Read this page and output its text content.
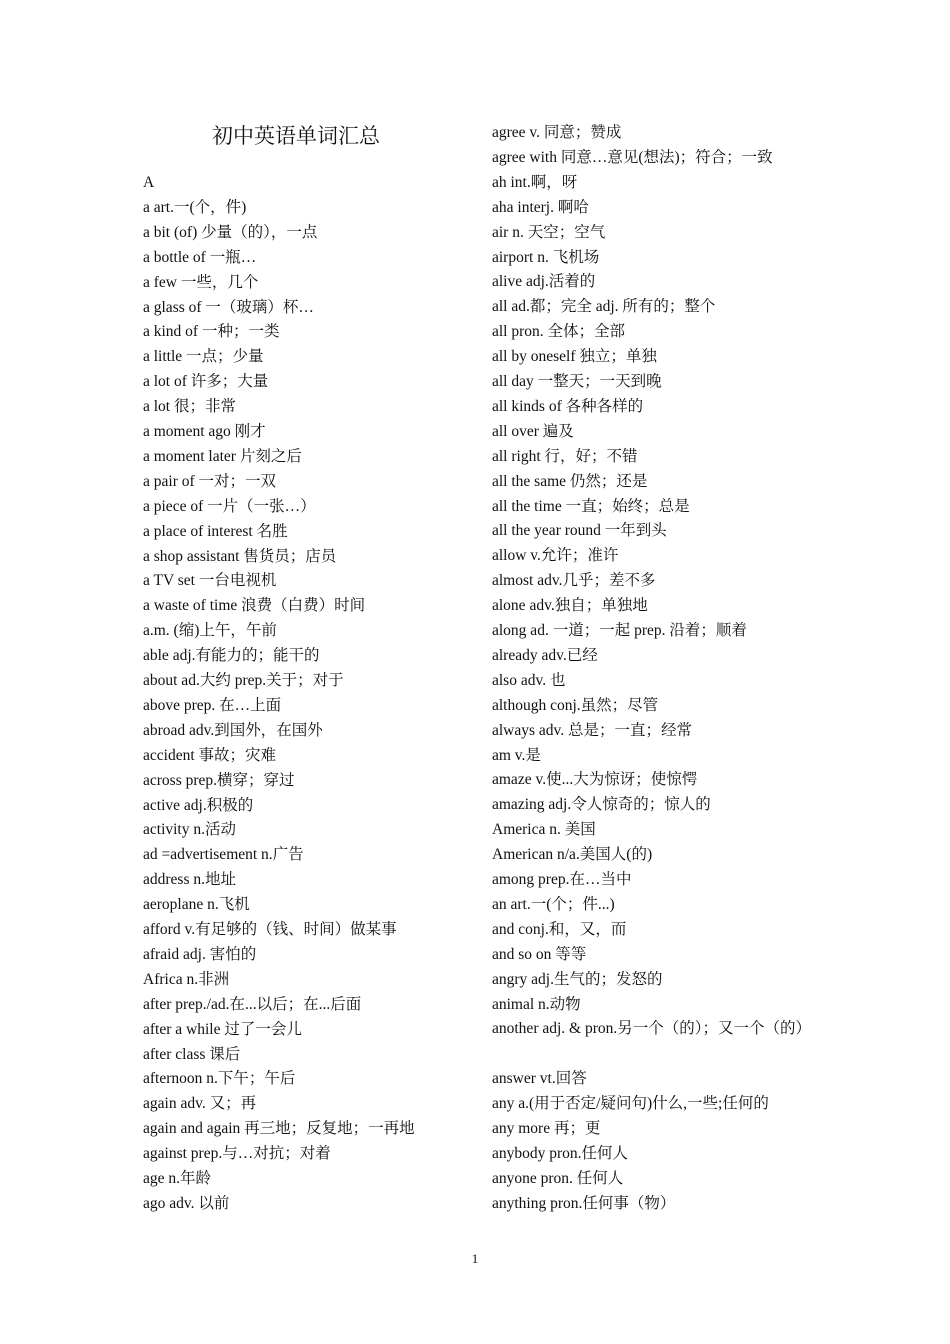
A
a art.一(个，件)
a bit (of) 少量（的），一点
a bottle of 一瓶…
a few 一些，几个
a glass of 一（玻璃）杯…
a kind of 一种；一类
a little 一点；少量
a lot of 许多；大量
a lot 很；非常
a moment ago 刚才
a moment later 片刻之后
a pair of 一对；一双
a piece of 一片（一张…）
a place of interest 名胜
a shop assistant 售货员；店员
a TV set 一台电视机
a waste of time 浪费（白费）时间
a.m. (缩)上午，午前
able adj.有能力的；能干的
about ad.大约 prep.关于；对于
above prep. 在…上面
abroad adv.到国外，在国外
accident 事故；灾难
across prep.横穿；穿过
active adj.积极的
activity n.活动
ad =advertisement n.广告
address n.地址
aeroplane n.飞机
afford v.有足够的（钱、时间）做某事
afraid adj. 害怕的
Africa n.非洲
after prep./ad.在...以后；在...后面
after a while 过了一会儿
after class 课后
afternoon n.下午；午后
again adv. 又；再
again and again 再三地；反复地；一再地
against prep.与…对抗；对着
age n.年龄
ago adv. 以前
初中英语单词汇总	agree v. 同意；赞成
agree with 同意…意见(想法)；符合；一致
ah int.啊，呀
aha interj. 啊哈
air n. 天空；空气
airport n. 飞机场
alive adj.活着的
all ad.都；完全 adj. 所有的；整个
all pron. 全体；全部
all by oneself 独立；单独
all day 一整天；一天到晚
all kinds of 各种各样的
all over 遍及
all right 行，好；不错
all the same 仍然；还是
all the time 一直；始终；总是
all the year round 一年到头
allow v.允许；准许
almost adv.几乎；差不多
alone adv.独自；单独地
along ad. 一道；一起 prep. 沿着；顺着
already adv.已经
also adv. 也
although conj.虽然；尽管
always adv. 总是；一直；经常
am v.是
amaze v.使...大为惊讶；使惊愕
amazing adj.令人惊奇的；惊人的
America n. 美国
American n/a.美国人(的)
among prep.在…当中
an art.一(个；件...)
and conj.和，又，而
and so on 等等
angry adj.生气的；发怒的
animal n.动物
another adj. & pron.另一个（的）；又一个（的）
answer vt.回答
any a.(用于否定/疑问句)什么,一些;任何的
any more 再；更
anybody pron.任何人
anyone pron. 任何人
anything pron.任何事（物）
1
